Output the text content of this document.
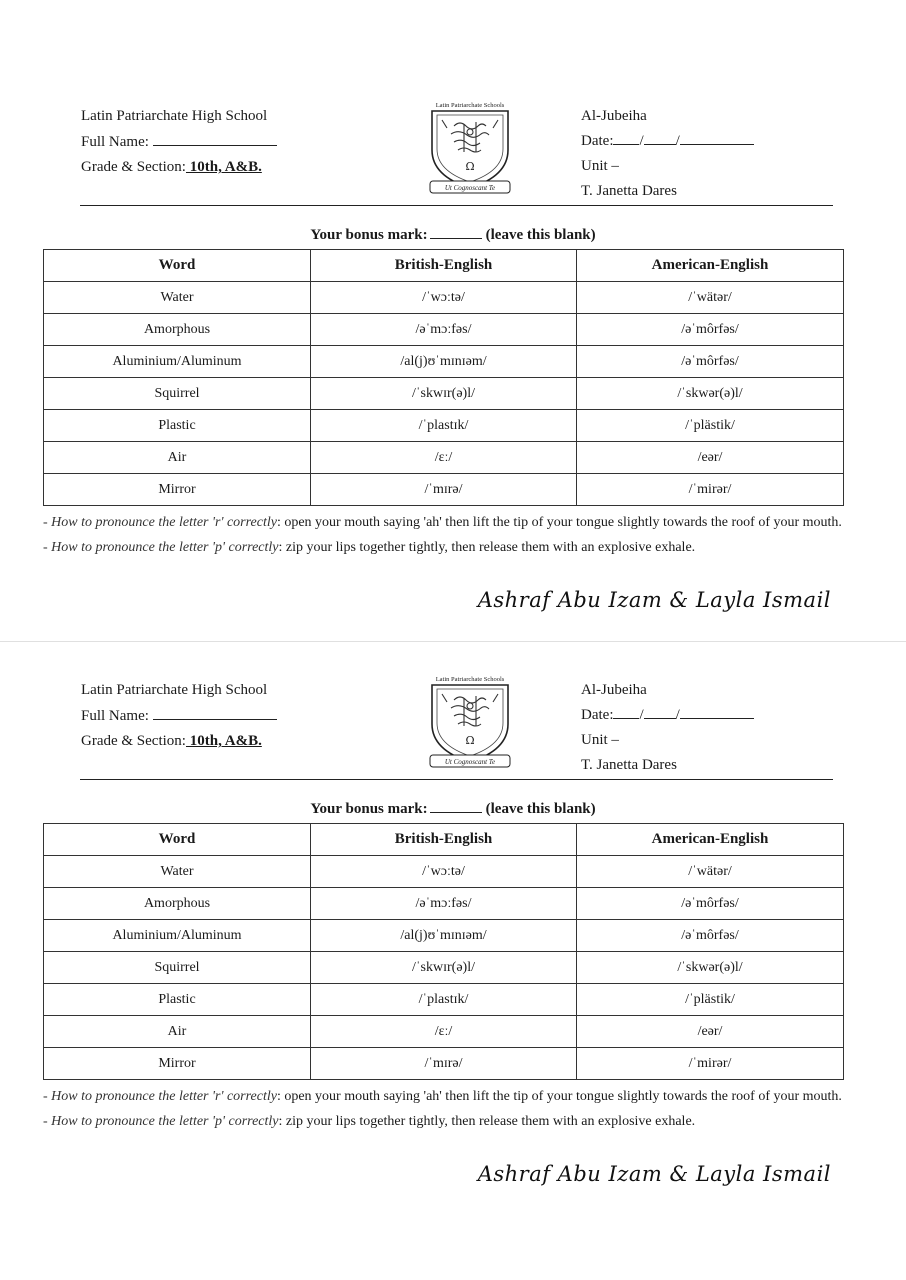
Latin Patriarchate High School
Full Name:
Grade & Section: 10th, A&B.
Latin Patriarchate Schools
Ω
Ut Cognoscant Te
Al-Jubeiha
Date: / /
Unit –
T. Janetta Dares
Your bonus mark:	(leave this blank)
Word	British-English	American-English
Water	/ˈwɔːtə/	/ˈwätər/
Amorphous	/əˈmɔːfəs/	/əˈmôrfəs/
Aluminium/Aluminum	/al(j)ʊˈmɪnɪəm/	/əˈmôrfəs/
Squirrel	/ˈskwɪr(ə)l/	/ˈskwər(ə)l/
Plastic	/ˈplastɪk/	/ˈplästik/
Air	/ɛː/	/eər/
Mirror	/ˈmɪrə/	/ˈmirər/
- How to pronounce the letter 'r' correctly: open your mouth saying 'ah' then lift the tip of your tongue slightly towards the roof of your mouth.
- How to pronounce the letter 'p' correctly: zip your lips together tightly, then release them with an explosive exhale.
Ashraf Abu Izam & Layla Ismail
Latin Patriarchate High School
Full Name:
Grade & Section: 10th, A&B.
Latin Patriarchate Schools
Ω
Ut Cognoscant Te
Al-Jubeiha
Date: / /
Unit –
T. Janetta Dares
Your bonus mark:	(leave this blank)
Word	British-English	American-English
Water	/ˈwɔːtə/	/ˈwätər/
Amorphous	/əˈmɔːfəs/	/əˈmôrfəs/
Aluminium/Aluminum	/al(j)ʊˈmɪnɪəm/	/əˈmôrfəs/
Squirrel	/ˈskwɪr(ə)l/	/ˈskwər(ə)l/
Plastic	/ˈplastɪk/	/ˈplästik/
Air	/ɛː/	/eər/
Mirror	/ˈmɪrə/	/ˈmirər/
- How to pronounce the letter 'r' correctly: open your mouth saying 'ah' then lift the tip of your tongue slightly towards the roof of your mouth.
- How to pronounce the letter 'p' correctly: zip your lips together tightly, then release them with an explosive exhale.
Ashraf Abu Izam & Layla Ismail
